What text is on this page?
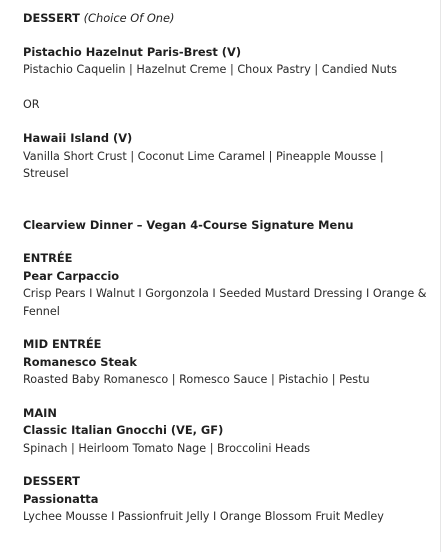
DESSERT (Choice Of One)
Pistachio Hazelnut Paris-Brest (V)
Pistachio Caquelin | Hazelnut Creme | Choux Pastry | Candied Nuts
OR
Hawaii Island (V)
Vanilla Short Crust | Coconut Lime Caramel | Pineapple Mousse | Streusel
Clearview Dinner – Vegan 4-Course Signature Menu
ENTRÉE
Pear Carpaccio
Crisp Pears I Walnut I Gorgonzola I Seeded Mustard Dressing I Orange & Fennel
MID ENTRÉE
Romanesco Steak
Roasted Baby Romanesco | Romesco Sauce | Pistachio | Pestu
MAIN
Classic Italian Gnocchi (VE, GF)
Spinach | Heirloom Tomato Nage | Broccolini Heads
DESSERT
Passionatta
Lychee Mousse I Passionfruit Jelly I Orange Blossom Fruit Medley
